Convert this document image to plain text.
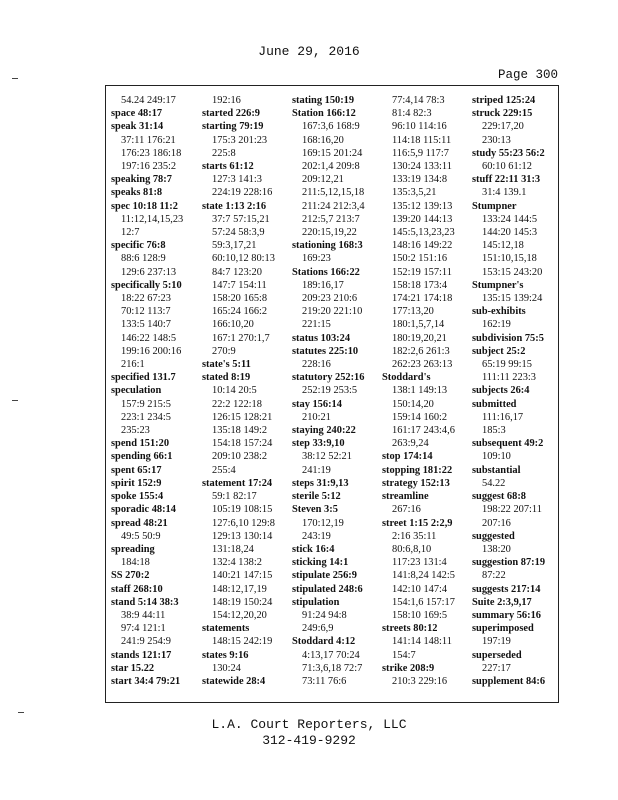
June 29, 2016
Page 300
54.24 249:17
space 48:17
speak 31:14
37:11 176:21
176:23 186:18
197:16 235:2
speaking 78:7
speaks 81:8
spec 10:18 11:2
11:12,14,15,23
12:7
specific 76:8
88:6 128:9
129:6 237:13
specifically 5:10
18:22 67:23
70:12 113:7
133:5 140:7
146:22 148:5
199:16 200:16
216:1
specified 131.7
speculation
157:9 215:5
223:1 234:5
235:23
spend 151:20
spending 66:1
spent 65:17
spirit 152:9
spoke 155:4
sporadic 48:14
spread 48:21
49:5 50:9
spreading
184:18
SS 270:2
staff 268:10
stand 5:14 38:3
38:9 44:11
97:4 121:1
241:9 254:9
stands 121:17
star 15.22
start 34:4 79:21
192:16
started 226:9
starting 79:19
175:3 201:23
225:8
starts 61:12
127:3 141:3
224:19 228:16
state 1:13 2:16
37:7 57:15,21
57:24 58:3,9
59:3,17,21
60:10,12 80:13
84:7 123:20
147:7 154:11
158:20 165:8
165:24 166:2
166:10,20
167:1 270:1,7
270:9
state's 5:11
stated 8:19
10:14 20:5
22:2 122:18
126:15 128:21
135:18 149:2
154:18 157:24
209:10 238:2
255:4
statement 17:24
59:1 82:17
105:19 108:15
127:6,10 129:8
129:13 130:14
131:18,24
132:4 138:2
140:21 147:15
148:12,17,19
148:19 150:24
154:12,20,20
statements
148:15 242:19
states 9:16
130:24
statewide 28:4
stating 150:19
Station 166:12
167:3,6 168:9
168:16,20
169:15 201:24
202:1,4 209:8
209:12,21
211:5,12,15,18
211:24 212:3,4
212:5,7 213:7
220:15,19,22
stationing 168:3
169:23
Stations 166:22
189:16,17
209:23 210:6
219:20 221:10
221:15
status 103:24
statutes 225:10
228:16
statutory 252:16
252:19 253:5
stay 156:14
210:21
staying 240:22
step 33:9,10
38:12 52:21
241:19
steps 31:9,13
sterile 5:12
Steven 3:5
170:12,19
243:19
stick 16:4
sticking 14:1
stipulate 256:9
stipulated 248:6
stipulation
91:24 94:8
249:6,9
Stoddard 4:12
4:13,17 70:24
71:3,6,18 72:7
73:11 76:6
77:4,14 78:3
81:4 82:3
96:10 114:16
114:18 115:11
116:5,9 117:7
130:24 133:11
133:19 134:8
135:3,5,21
135:12 139:13
139:20 144:13
145:5,13,23,23
148:16 149:22
150:2 151:16
152:19 157:11
158:18 173:4
174:21 174:18
177:13,20
180:1,5,7,14
180:19,20,21
182:2,6 261:3
262:23 263:13
Stoddard's
138:1 149:13
150:14,20
159:14 160:2
161:17 243:4,6
263:9,24
stop 174:14
stopping 181:22
strategy 152:13
streamline
267:16
street 1:15 2:2,9
2:16 35:11
80:6,8,10
117:23 131:4
141:8,24 142:5
142:10 147:4
154:1,6 157:17
158:10 169:5
streets 80:12
141:14 148:11
154:7
strike 208:9
210:3 229:16
striped 125:24
struck 229:15
229:17,20
230:13
study 55:23 56:2
60:10 61:12
stuff 22:11 31:3
31:4 139.1
Stumpner
133:24 144:5
144:20 145:3
145:12,18
151:10,15,18
153:15 243:20
Stumpner's
135:15 139:24
sub-exhibits
162:19
subdivision 75:5
subject 25:2
65:19 99:15
111:11 223:3
subjects 26:4
submitted
111:16,17
185:3
subsequent 49:2
109:10
substantial
54.22
suggest 68:8
198:22 207:11
207:16
suggested
138:20
suggestion 87:19
87:22
suggests 217:14
Suite 2:3,9,17
summary 56:16
superimposed
197:19
superseded
227:17
supplement 84:6
L.A. Court Reporters, LLC
312-419-9292
